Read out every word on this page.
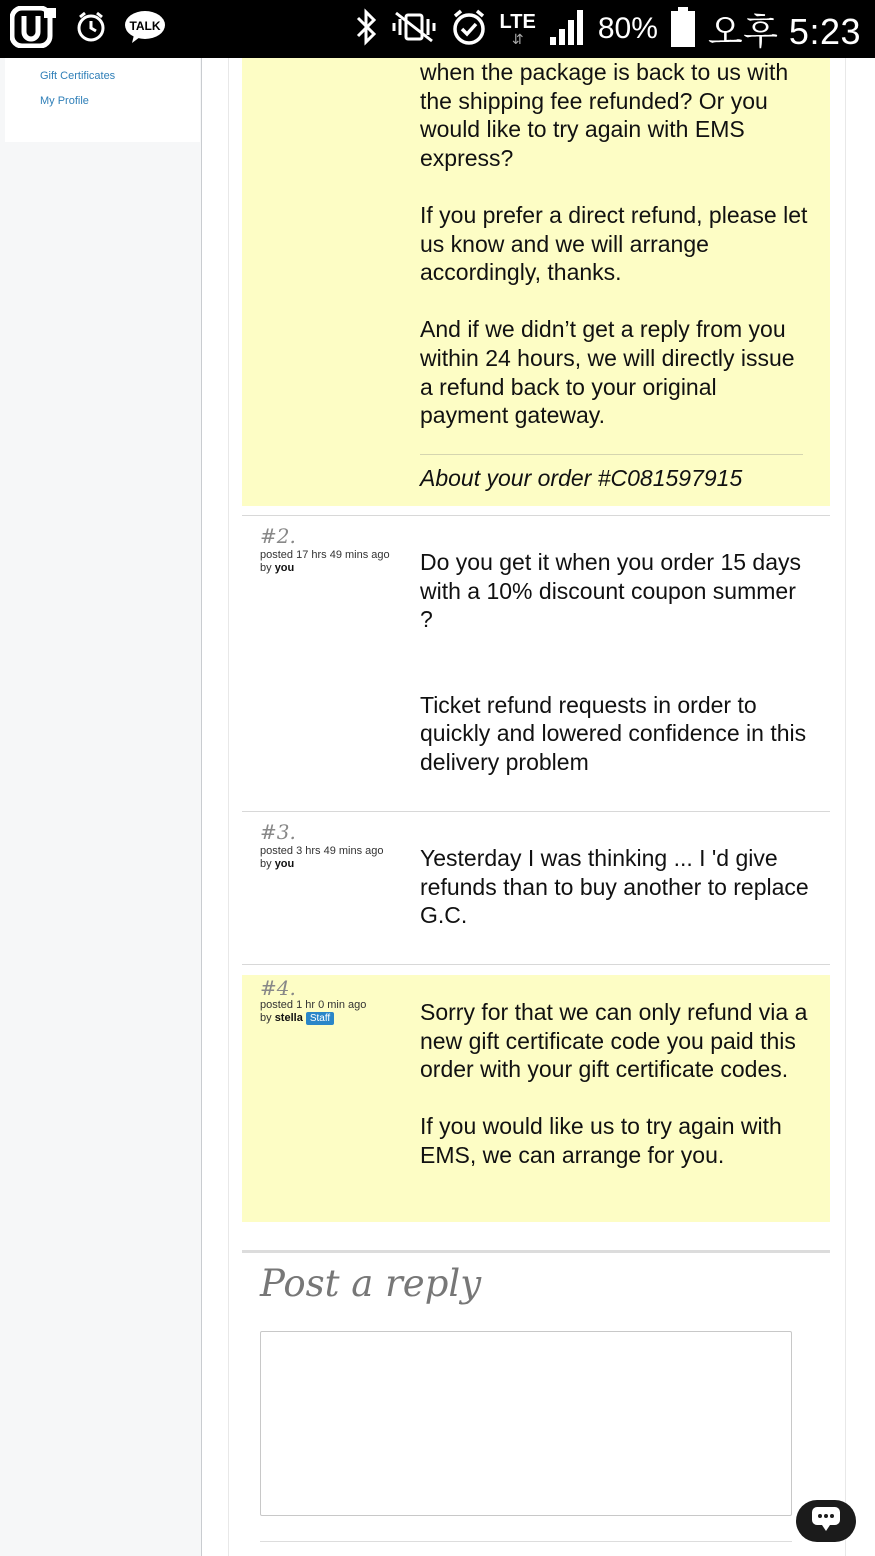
TALK	LTE
⇵ 80% 오후 5:23
Gift Certificates
My Profile

when the package is back to us with the shipping fee refunded? Or you would like to try again with EMS express?

If you prefer a direct refund, please let us know and we will arrange accordingly, thanks.

And if we didn’t get a reply from you within 24 hours, we will directly issue a refund back to your original payment gateway.

About your order #C081597915
#2.
posted 17 hrs 49 mins ago
by you	Do you get it when you order 15 days with a 10% discount coupon summer ?

Ticket refund requests in order to quickly and lowered confidence in this delivery problem

#3.
posted 3 hrs 49 mins ago
by you	Yesterday I was thinking ... I 'd give refunds than to buy another to replace G.C.

#4.
posted 1 hr 0 min ago
by stella Staff	Sorry for that we can only refund via a new gift certificate code you paid this order with your gift certificate codes.

If you would like us to try again with EMS, we can arrange for you.

Post a reply
